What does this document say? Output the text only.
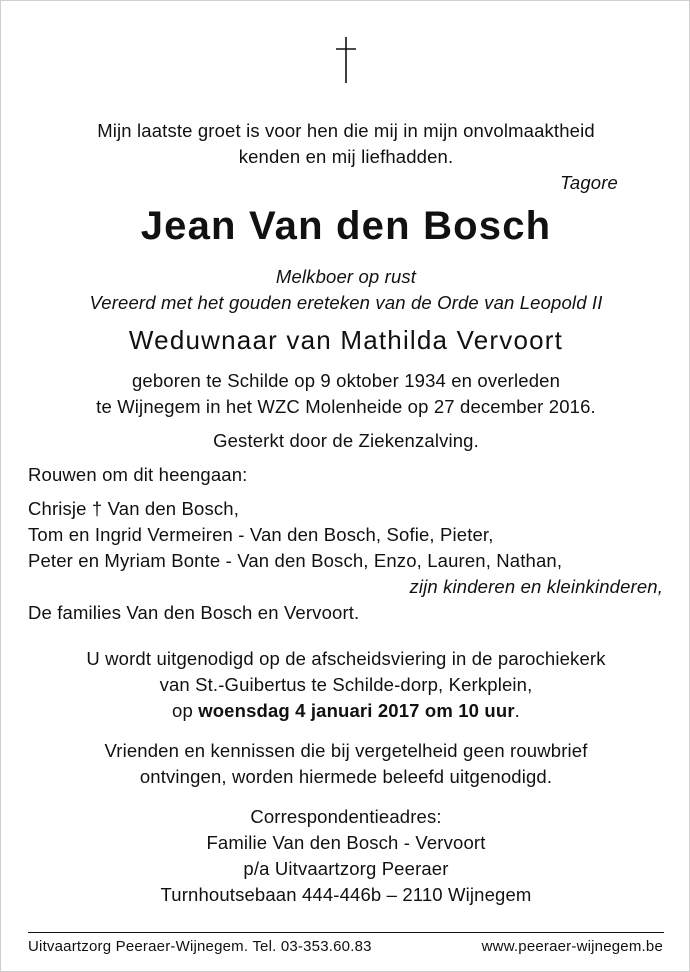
Mijn laatste groet is voor hen die mij in mijn onvolmaaktheid
kenden en mij liefhadden.
Tagore
Jean Van den Bosch
Melkboer op rust
Vereerd met het gouden ereteken van de Orde van Leopold II
Weduwnaar van Mathilda Vervoort
geboren te Schilde op 9 oktober 1934 en overleden
te Wijnegem in het WZC Molenheide op 27 december 2016.
Gesterkt door de Ziekenzalving.
Rouwen om dit heengaan:
Chrisje † Van den Bosch,
Tom en Ingrid Vermeiren - Van den Bosch, Sofie, Pieter,
Peter en Myriam Bonte - Van den Bosch, Enzo, Lauren, Nathan,
zijn kinderen en kleinkinderen,
De families Van den Bosch en Vervoort.
U wordt uitgenodigd op de afscheidsviering in de parochiekerk
van St.-Guibertus te Schilde-dorp, Kerkplein,
op woensdag 4 januari 2017 om 10 uur.
Vrienden en kennissen die bij vergetelheid geen rouwbrief
ontvingen, worden hiermede beleefd uitgenodigd.
Correspondentieadres:
Familie Van den Bosch - Vervoort
p/a Uitvaartzorg Peeraer
Turnhoutsebaan 444-446b – 2110 Wijnegem
Uitvaartzorg Peeraer-Wijnegem. Tel. 03-353.60.83	www.peeraer-wijnegem.be
